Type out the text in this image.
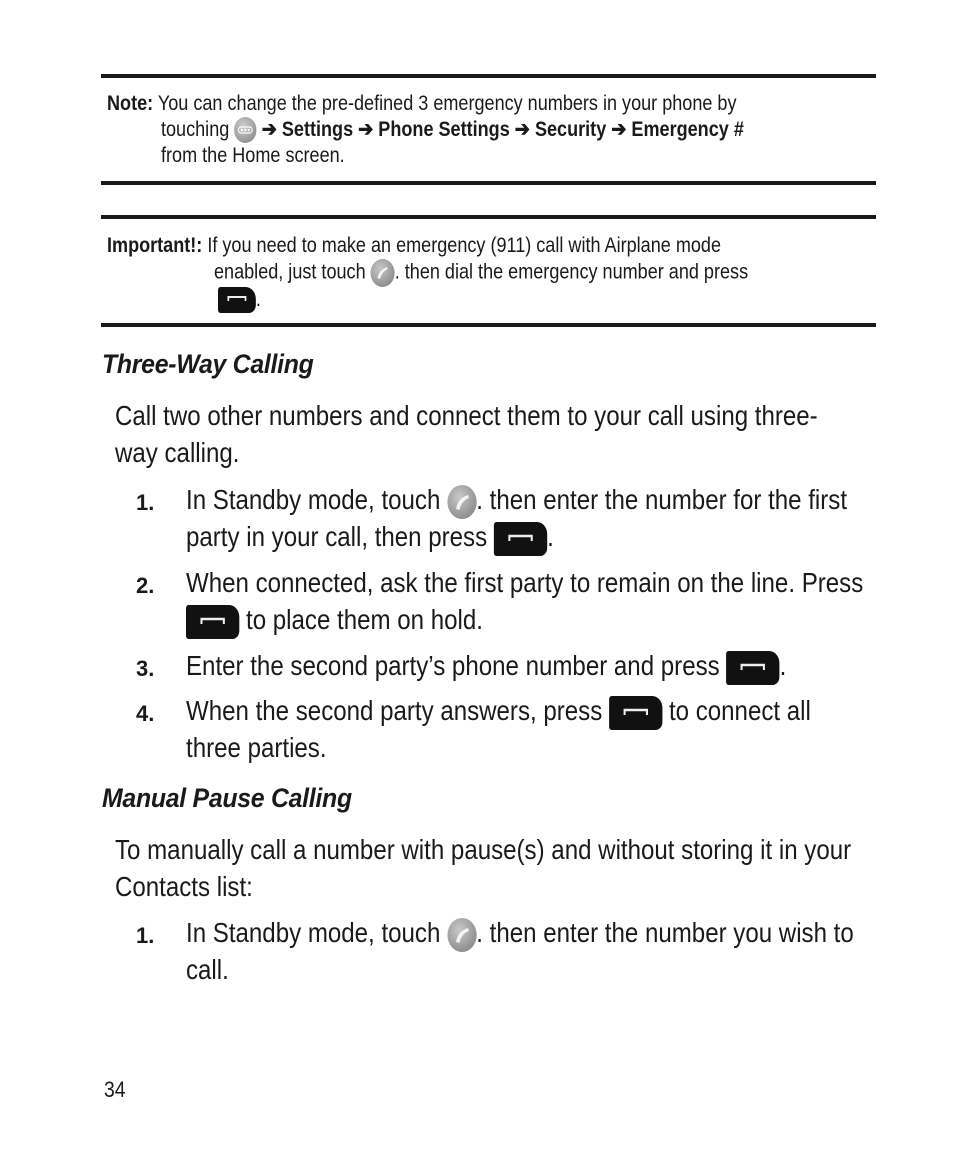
Note: You can change the pre-defined 3 emergency numbers in your phone by
touching ➔ Settings ➔ Phone Settings ➔ Security ➔ Emergency #
from the Home screen.
Important!: If you need to make an emergency (911) call with Airplane mode
enabled, just touch . then dial the emergency number and press
.
Three-Way Calling
Call two other numbers and connect them to your call using three-
way calling.
1. In Standby mode, touch . then enter the number for the first
party in your call, then press .
2. When connected, ask the first party to remain on the line. Press
to place them on hold.
3. Enter the second party’s phone number and press .
4. When the second party answers, press to connect all
three parties.
Manual Pause Calling
To manually call a number with pause(s) and without storing it in your
Contacts list:
1. In Standby mode, touch . then enter the number you wish to
call.
34
